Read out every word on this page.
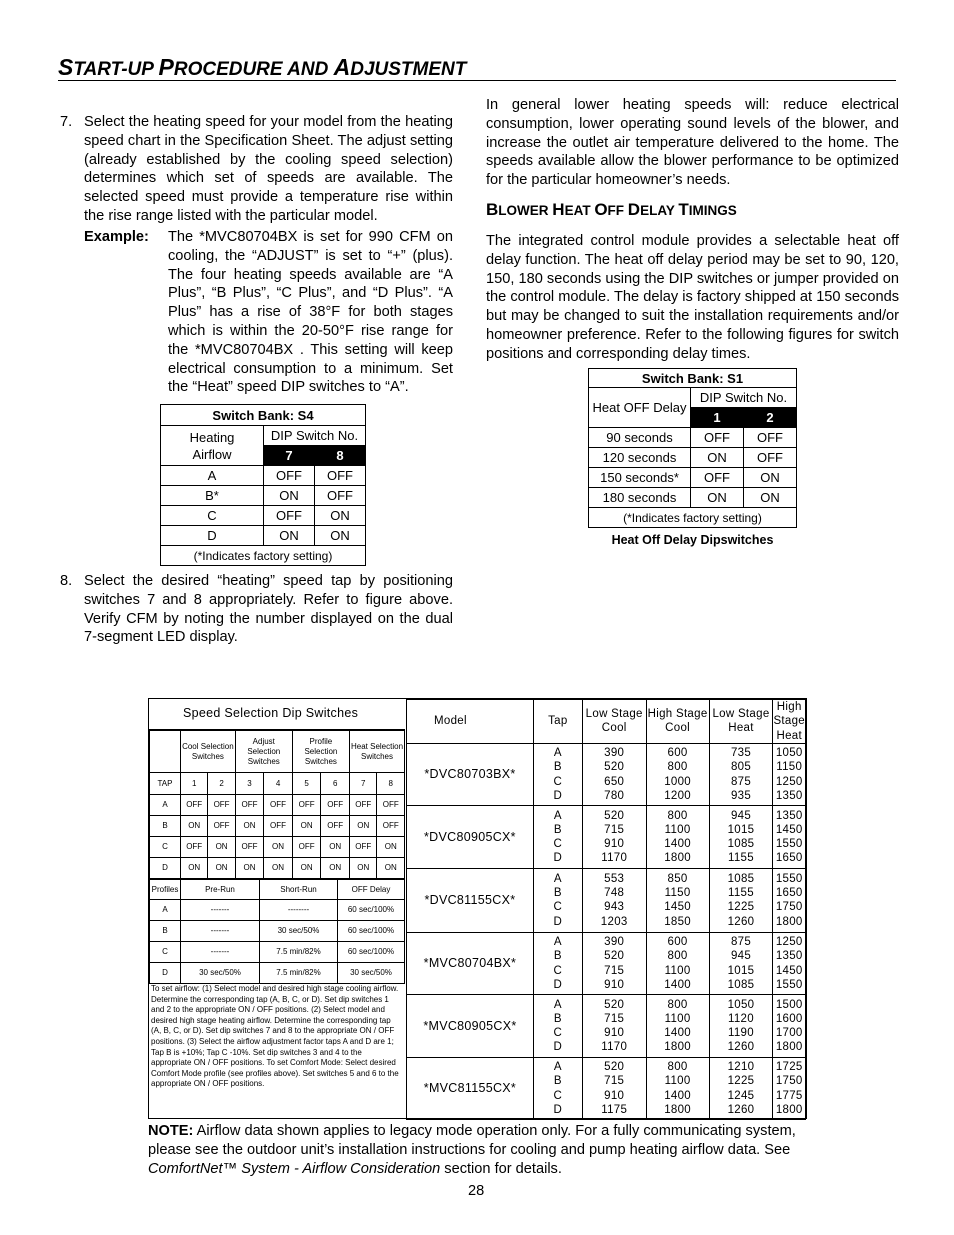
START-UP PROCEDURE AND ADJUSTMENT
7. Select the heating speed for your model from the heating speed chart in the Specification Sheet. The adjust setting (already established by the cooling speed selection) determines which set of speeds are available. The selected speed must provide a temperature rise within the rise range listed with the particular model.
Example: The *MVC80704BX is set for 990 CFM on cooling, the “ADJUST” is set to “+” (plus). The four heating speeds available are “A Plus”, “B Plus”, “C Plus”, and “D Plus”. “A Plus” has a rise of 38°F for both stages which is within the 20-50°F rise range for the *MVC80704BX . This setting will keep electrical consumption to a minimum. Set the “Heat” speed DIP switches to “A”.
Switch Bank: S4		
Heating Airflow	DIP Switch No.	
	7	8
A	OFF	OFF
B*	ON	OFF
C	OFF	ON
D	ON	ON
(*Indicates factory setting)		
8. Select the desired “heating” speed tap by positioning switches 7 and 8 appropriately. Refer to figure above. Verify CFM by noting the number displayed on the dual 7-segment LED display.
In general lower heating speeds will: reduce electrical consumption, lower operating sound levels of the blower, and increase the outlet air temperature delivered to the home. The speeds available allow the blower performance to be optimized for the particular homeowner’s needs.
BLOWER HEAT OFF DELAY TIMINGS
The integrated control module provides a selectable heat off delay function. The heat off delay period may be set to 90, 120, 150, 180 seconds using the DIP switches or jumper provided on the control module. The delay is factory shipped at 150 seconds but may be changed to suit the installation requirements and/or homeowner preference. Refer to the following figures for switch positions and corresponding delay times.
Switch Bank: S1		
Heat OFF Delay	DIP Switch No.	
	1	2
90 seconds	OFF	OFF
120 seconds	ON	OFF
150 seconds*	OFF	ON
180 seconds	ON	ON
(*Indicates factory setting)		
Heat Off Delay Dipswitches
Speed Selection Dip Switches
	Cool Selection Switches		Adjust Selection Switches		Profile Selection Switches		Heat Selection Switches	
TAP	1	2	3	4	5	6	7	8
A	OFF	OFF	OFF	OFF	OFF	OFF	OFF	OFF
B	ON	OFF	ON	OFF	ON	OFF	ON	OFF
C	OFF	ON	OFF	ON	OFF	ON	OFF	ON
D	ON	ON	ON	ON	ON	ON	ON	ON
Profiles	Pre-Run	Short-Run	OFF Delay
A	-------	--------	60 sec/100%
B	-------	30 sec/50%	60 sec/100%
C	-------	7.5 min/82%	60 sec/100%
D	30 sec/50%	7.5 min/82%	30 sec/50%
To set airflow: (1) Select model and desired high stage cooling airflow. Determine the corresponding tap (A, B, C, or D). Set dip switches 1 and 2 to the appropriate ON / OFF positions. (2) Select model and desired high stage heating airflow. Determine the corresponding tap (A, B, C, or D). Set dip switches 7 and 8 to the appropriate ON / OFF positions. (3) Select the airflow adjustment factor taps A and D are 1; Tap B is +10%; Tap C -10%. Set dip switches 3 and 4 to the appropriate ON / OFF positions. To set Comfort Mode: Select desired Comfort Mode profile (see profiles above). Set switches 5 and 6 to the appropriate ON / OFF positions.
Model	Tap	Low Stage Cool	High Stage Cool	Low Stage Heat	High Stage Heat
*DVC80703BX*	A
B
C
D	390
520
650
780	600
800
1000
1200	735
805
875
935	1050
1150
1250
1350
*DVC80905CX*	A
B
C
D	520
715
910
1170	800
1100
1400
1800	945
1015
1085
1155	1350
1450
1550
1650
*DVC81155CX*	A
B
C
D	553
748
943
1203	850
1150
1450
1850	1085
1155
1225
1260	1550
1650
1750
1800
*MVC80704BX*	A
B
C
D	390
520
715
910	600
800
1100
1400	875
945
1015
1085	1250
1350
1450
1550
*MVC80905CX*	A
B
C
D	520
715
910
1170	800
1100
1400
1800	1050
1120
1190
1260	1500
1600
1700
1800
*MVC81155CX*	A
B
C
D	520
715
910
1175	800
1100
1400
1800	1210
1225
1245
1260	1725
1750
1775
1800
NOTE: Airflow data shown applies to legacy mode operation only. For a fully communicating system, please see the outdoor unit’s installation instructions for cooling and pump heating airflow data. See ComfortNet™ System - Airflow Consideration section for details.
28
